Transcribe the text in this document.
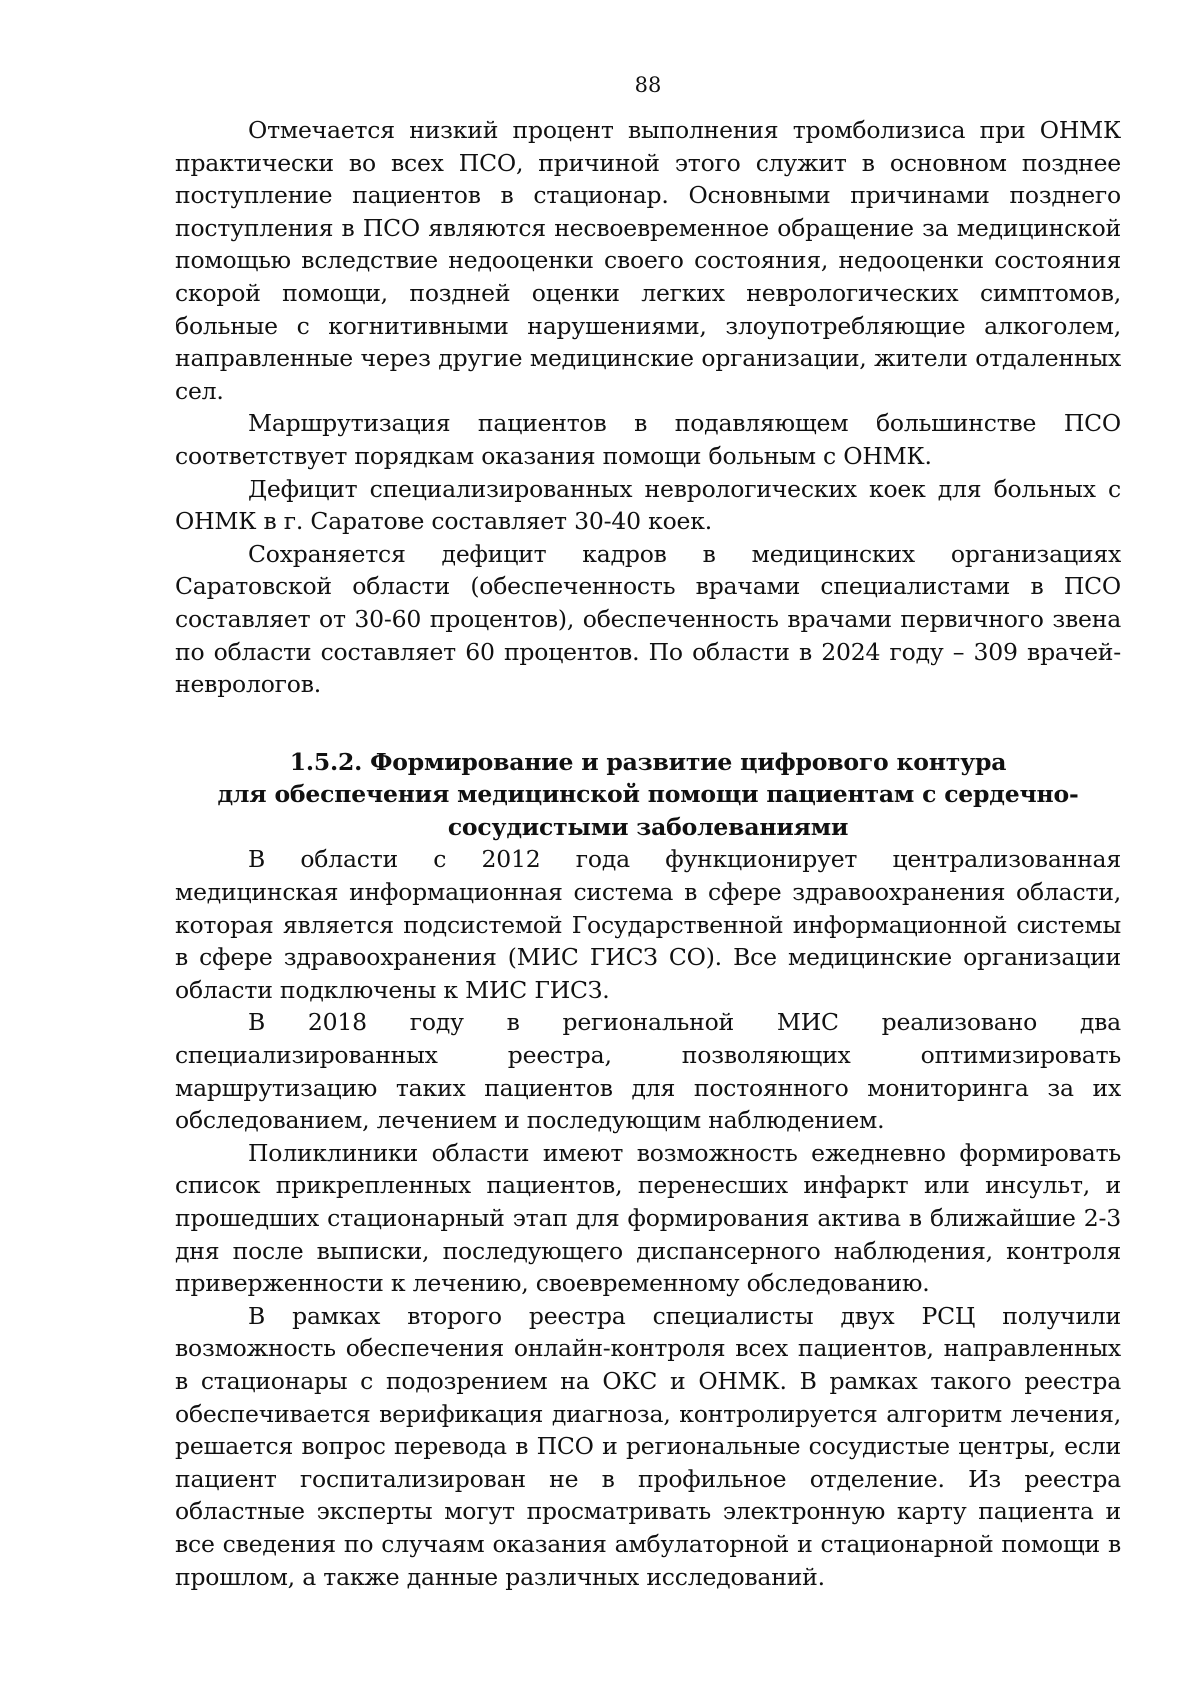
88

Отмечается низкий процент выполнения тромболизиса при ОНМК практически во всех ПСО, причиной этого служит в основном позднее поступление пациентов в стационар. Основными причинами позднего поступления в ПСО являются несвоевременное обращение за медицинской помощью вследствие недооценки своего состояния, недооценки состояния скорой помощи, поздней оценки легких неврологических симптомов, больные с когнитивными нарушениями, злоупотребляющие алкоголем, направленные через другие медицинские организации, жители отдаленных сел.

Маршрутизация пациентов в подавляющем большинстве ПСО соответствует порядкам оказания помощи больным с ОНМК.

Дефицит специализированных неврологических коек для больных с ОНМК в г. Саратове составляет 30-40 коек.

Сохраняется дефицит кадров в медицинских организациях Саратовской области (обеспеченность врачами специалистами в ПСО составляет от 30-60 процентов), обеспеченность врачами первичного звена по области составляет 60 процентов. По области в 2024 году – 309 врачей-неврологов.

1.5.2. Формирование и развитие цифрового контура
для обеспечения медицинской помощи пациентам с сердечно-
сосудистыми заболеваниями

В области с 2012 года функционирует централизованная медицинская информационная система в сфере здравоохранения области, которая является подсистемой Государственной информационной системы в сфере здравоохранения (МИС ГИСЗ СО). Все медицинские организации области подключены к МИС ГИСЗ.

В 2018 году в региональной МИС реализовано два специализированных реестра, позволяющих оптимизировать маршрутизацию таких пациентов для постоянного мониторинга за их обследованием, лечением и последующим наблюдением.

Поликлиники области имеют возможность ежедневно формировать список прикрепленных пациентов, перенесших инфаркт или инсульт, и прошедших стационарный этап для формирования актива в ближайшие 2-3 дня после выписки, последующего диспансерного наблюдения, контроля приверженности к лечению, своевременному обследованию.

В рамках второго реестра специалисты двух РСЦ получили возможность обеспечения онлайн-контроля всех пациентов, направленных в стационары с подозрением на ОКС и ОНМК. В рамках такого реестра обеспечивается верификация диагноза, контролируется алгоритм лечения, решается вопрос перевода в ПСО и региональные сосудистые центры, если пациент госпитализирован не в профильное отделение. Из реестра областные эксперты могут просматривать электронную карту пациента и все сведения по случаям оказания амбулаторной и стационарной помощи в прошлом, а также данные различных исследований.
